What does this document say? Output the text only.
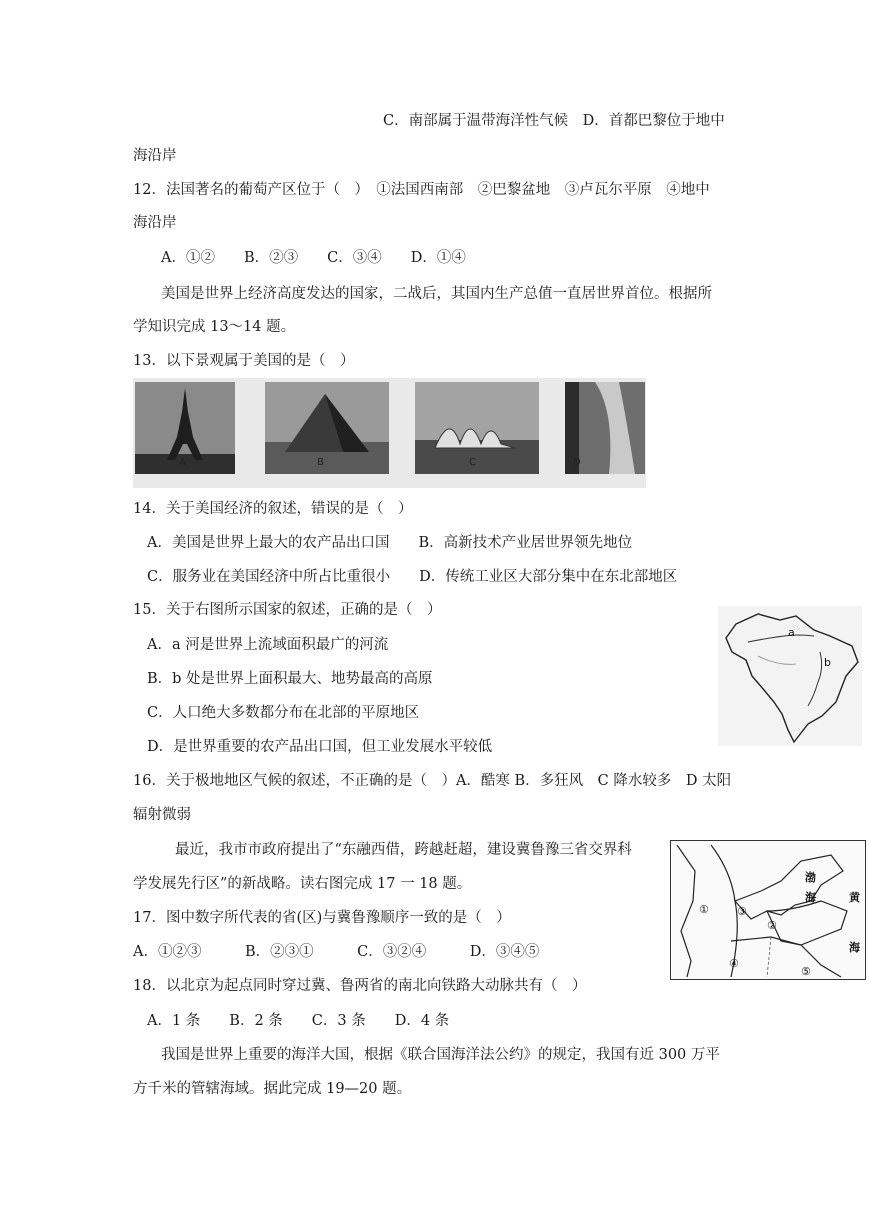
C．南部属于温带海洋性气候　D．首都巴黎位于地中
海沿岸
12．法国著名的葡萄产区位于（　）　①法国西南部　②巴黎盆地　③卢瓦尔平原　④地中
海沿岸
A．①②　　B．②③　　C．③④　　D．①④
美国是世界上经济高度发达的国家，二战后，其国内生产总值一直居世界首位。根据所
学知识完成 13～14 题。
13．以下景观属于美国的是（　）
A	B	C	D
14．关于美国经济的叙述，错误的是（　）
A．美国是世界上最大的农产品出口国　　B．高新技术产业居世界领先地位
C．服务业在美国经济中所占比重很小　　D．传统工业区大部分集中在东北部地区
15．关于右图所示国家的叙述，正确的是（　）
A．a 河是世界上流域面积最广的河流
B．b 处是世界上面积最大、地势最高的高原
C．人口绝大多数都分布在北部的平原地区
D．是世界重要的农产品出口国，但工业发展水平较低
a
b
16．关于极地地区气候的叙述，不正确的是（　）A．酷寒 B．多狂风　C 降水较多　D 太阳
辐射微弱
最近，我市市政府提出了“东融西借，跨越赶超，建设冀鲁豫三省交界科
学发展先行区”的新战略。读右图完成 17 一 18 题。
17．图中数字所代表的省(区)与冀鲁豫顺序一致的是（　）
A．①②③　　　B．②③①　　　C．③②④　　　D．③④⑤
18．以北京为起点同时穿过冀、鲁两省的南北向铁路大动脉共有（　）
A．1 条　　B．2 条　　C．3 条　　D．4 条
我国是世界上重要的海洋大国，根据《联合国海洋法公约》的规定，我国有近 300 万平
方千米的管辖海域。据此完成 19—20 题。
①	③
②
④
⑤
渤
海	黄
海
